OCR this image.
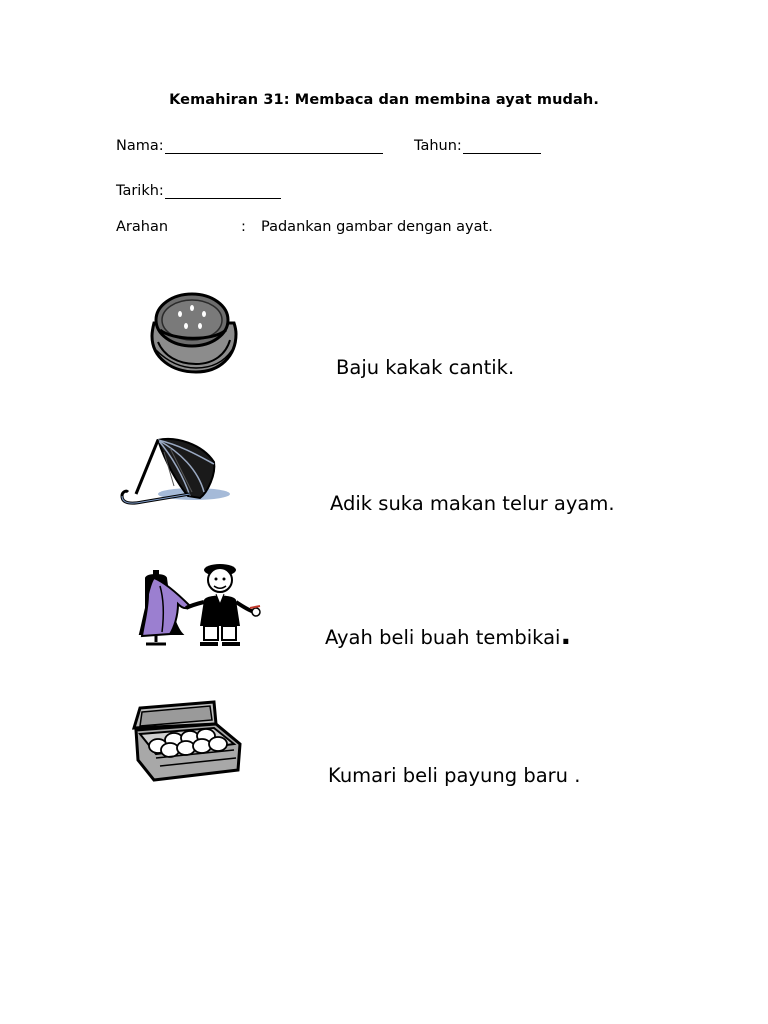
Kemahiran 31: Membaca dan membina ayat mudah.
Nama:	Tahun:
Tarikh:
Arahan	: Padankan gambar dengan ayat.
Baju kakak cantik.
Adik suka makan telur ayam.
Ayah beli buah tembikai.
Kumari beli payung baru .
